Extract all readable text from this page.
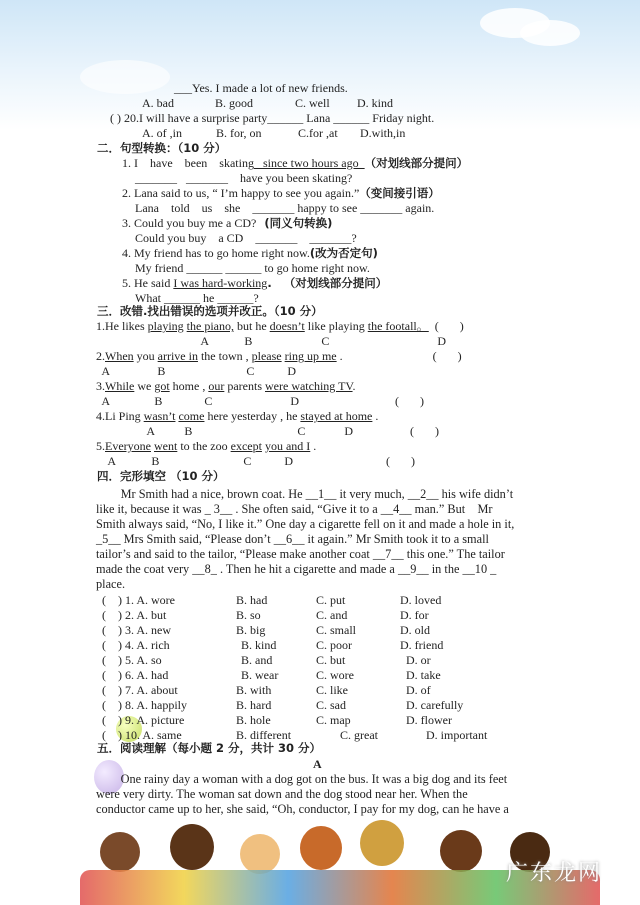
___Yes. I made a lot of new friends.
A. bad	B. good	C. well D. kind
( ) 20.I will have a surprise party______ Lana ______ Friday night.
A. of ,in	B. for, on	C.for ,at D.with,in
二．句型转换：（10 分）
1. I    have    been    skating   since two hours ago  （对划线部分提问）
_______   _______    have you been skating?
2. Lana said to us, “ I’m happy to see you again.”（变间接引语）
Lana    told    us    she    _______ happy to see _______ again.
3. Could you buy me a CD?  (同义句转换)
Could you buy    a CD    _______    _______?
4. My friend has to go home right now.(改为否定句)
My friend ______ ______ to go home right now.
5. He said I was hard-working.   （对划线部分提问）
What ______ he ______?
三．改错.找出错误的选项并改正。（10 分）
1.He likes playing the piano, but he doesn’t like playing the footall。  (       )
A            B                       C                                    D
2.When you arrive in the town , please ring up me .                              (       )
A                B                           C           D
3.While we got home , our parents were watching TV.
A               B              C                          D                                (       )
4.Li Ping wasn’t come here yesterday , he stayed at home .
A          B                                   C             D                   (       )
5.Everyone went to the zoo except you and I .
A            B                            C           D                               (       )
四．完形填空 （10 分）
Mr Smith had a nice, brown coat. He __1__ it very much, __2__ his wife didn’t
like it, because it was _ 3__ . She often said, “Give it to a __4__ man.” But    Mr
Smith always said, “No, I like it.” One day a cigarette fell on it and made a hole in it,
_5__ Mrs Smith said, “Please don’t __6__ it again.” Mr Smith took it to a small
tailor’s and said to the tailor, “Please make another coat __7__ this one.” The tailor
made the coat very __8_ . Then he hit a cigarette and made a __9__ in the __10 _
place.
(    ) 1. A. wore	B. had	C. put	D. loved
(    ) 2. A. but	B. so	C. and	D. for
(    ) 3. A. new	B. big	C. small	D. old
(    ) 4. A. rich	B. kind	C. poor	D. friend
(    ) 5. A. so	B. and	C. but	D. or
(    ) 6. A. had	B. wear	C. wore	D. take
(    ) 7. A. about	B. with	C. like	D. of
(    ) 8. A. happily	B. hard	C. sad	D. carefully
(    ) 9. A. picture	B. hole	C. map	D. flower
(    ) 10. A. same	B. different	C. great	D. important
五．阅读理解（每小题 2 分，共计 30 分）
A
One rainy day a woman with a dog got on the bus. It was a big dog and its feet
were very dirty. The woman sat down and the dog stood near her. When the
conductor came up to her, she said, “Oh, conductor, I pay for my dog, can he have a
广东龙网
